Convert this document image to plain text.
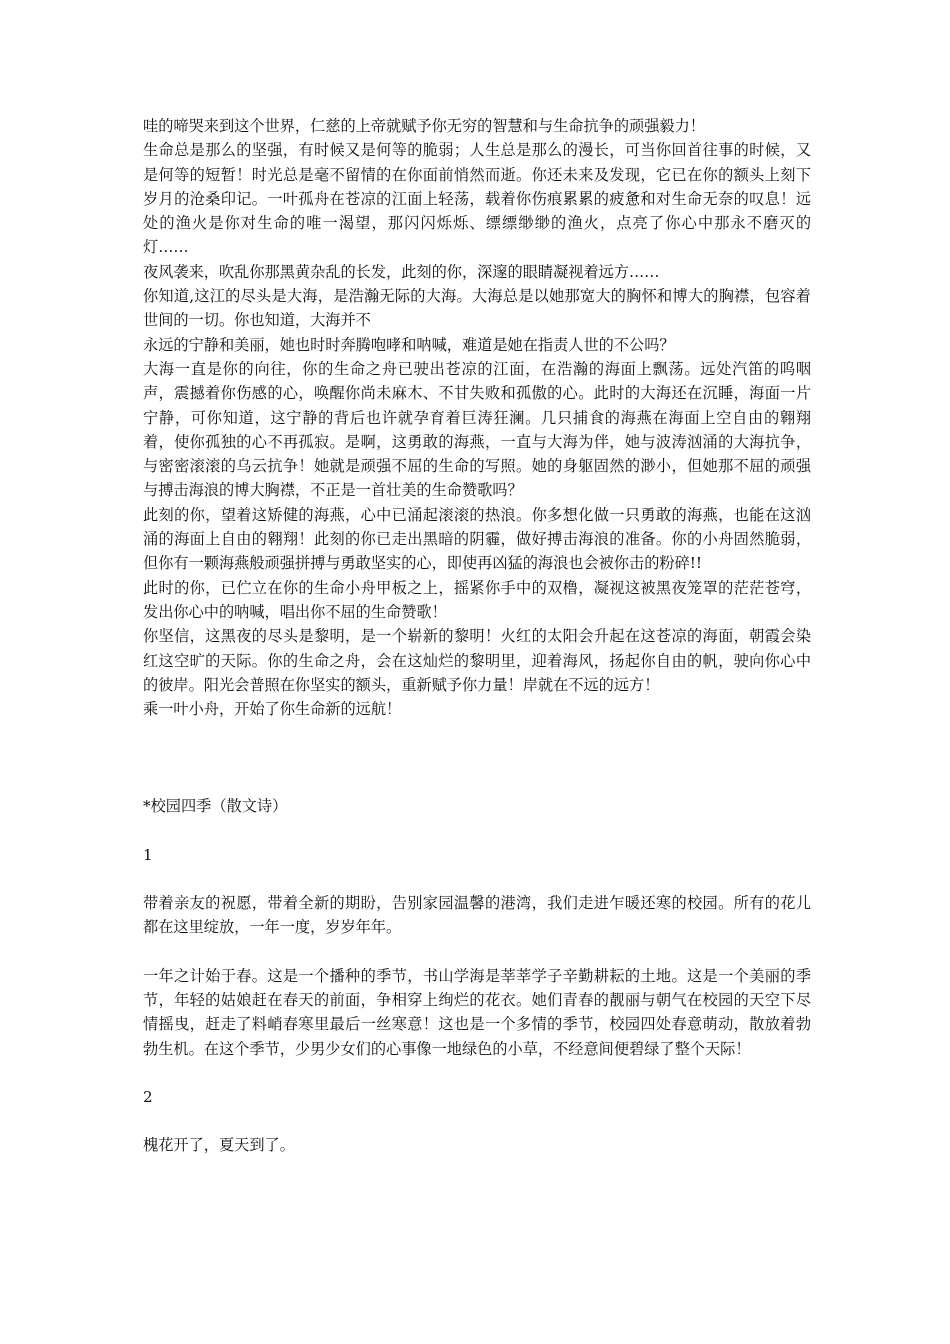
哇的啼哭来到这个世界，仁慈的上帝就赋予你无穷的智慧和与生命抗争的顽强毅力！

生命总是那么的坚强，有时候又是何等的脆弱；人生总是那么的漫长，可当你回首往事的时候，又是何等的短暂！时光总是毫不留情的在你面前悄然而逝。你还未来及发现，它已在你的额头上刻下岁月的沧桑印记。一叶孤舟在苍凉的江面上轻荡，载着你伤痕累累的疲惫和对生命无奈的叹息！远处的渔火是你对生命的唯一渴望，那闪闪烁烁、缥缥缈缈的渔火，点亮了你心中那永不磨灭的灯……

夜风袭来，吹乱你那黑黄杂乱的长发，此刻的你，深邃的眼睛凝视着远方……

你知道,这江的尽头是大海，是浩瀚无际的大海。大海总是以她那宽大的胸怀和博大的胸襟，包容着世间的一切。你也知道，大海并不

永远的宁静和美丽，她也时时奔腾咆哮和呐喊，难道是她在指责人世的不公吗？

大海一直是你的向往，你的生命之舟已驶出苍凉的江面，在浩瀚的海面上飘荡。远处汽笛的呜咽声，震撼着你伤感的心，唤醒你尚未麻木、不甘失败和孤傲的心。此时的大海还在沉睡，海面一片宁静，可你知道，这宁静的背后也许就孕育着巨涛狂澜。几只捕食的海燕在海面上空自由的翱翔着，使你孤独的心不再孤寂。是啊，这勇敢的海燕，一直与大海为伴，她与波涛汹涌的大海抗争，与密密滚滚的乌云抗争！她就是顽强不屈的生命的写照。她的身躯固然的渺小，但她那不屈的顽强与搏击海浪的博大胸襟，不正是一首壮美的生命赞歌吗？

此刻的你，望着这矫健的海燕，心中已涌起滚滚的热浪。你多想化做一只勇敢的海燕，也能在这汹涌的海面上自由的翱翔！此刻的你已走出黑暗的阴霾，做好搏击海浪的准备。你的小舟固然脆弱，但你有一颗海燕般顽强拼搏与勇敢坚实的心，即使再凶猛的海浪也会被你击的粉碎!!

此时的你，已伫立在你的生命小舟甲板之上，摇紧你手中的双橹，凝视这被黑夜笼罩的茫茫苍穹，发出你心中的呐喊，唱出你不屈的生命赞歌！

你坚信，这黑夜的尽头是黎明，是一个崭新的黎明！火红的太阳会升起在这苍凉的海面，朝霞会染红这空旷的天际。你的生命之舟，会在这灿烂的黎明里，迎着海风，扬起你自由的帆，驶向你心中的彼岸。阳光会普照在你坚实的额头，重新赋予你力量！岸就在不远的远方！

乘一叶小舟，开始了你生命新的远航！

*校园四季（散文诗）

1

带着亲友的祝愿，带着全新的期盼，告别家园温馨的港湾，我们走进乍暖还寒的校园。所有的花儿都在这里绽放，一年一度，岁岁年年。

一年之计始于春。这是一个播种的季节，书山学海是莘莘学子辛勤耕耘的土地。这是一个美丽的季节，年轻的姑娘赶在春天的前面，争相穿上绚烂的花衣。她们青春的靓丽与朝气在校园的天空下尽情摇曳，赶走了料峭春寒里最后一丝寒意！这也是一个多情的季节，校园四处春意萌动，散放着勃勃生机。在这个季节，少男少女们的心事像一地绿色的小草，不经意间便碧绿了整个天际！

2

槐花开了，夏天到了。
